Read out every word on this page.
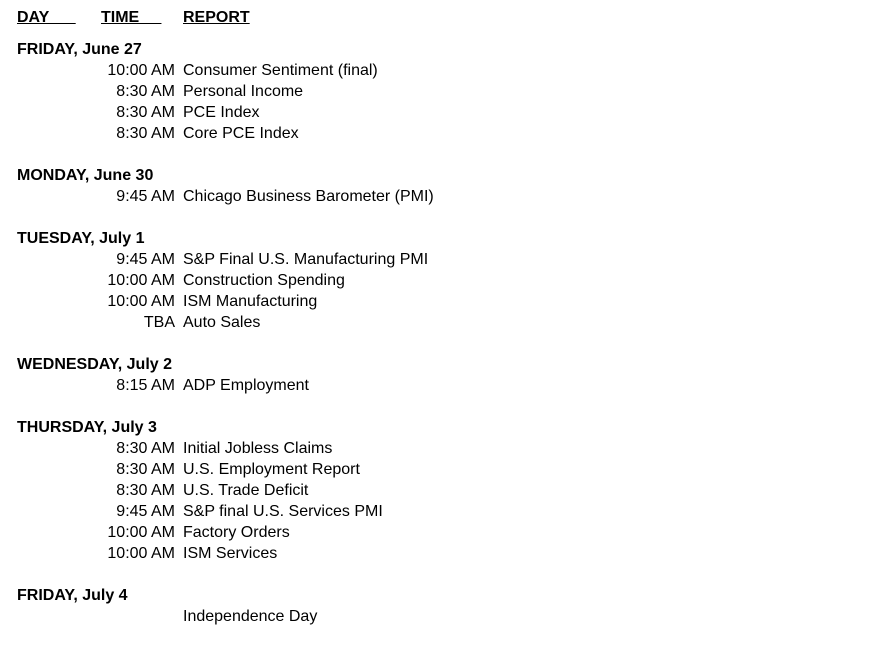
DAY TIME REPORT
FRIDAY, June 27
10:00 AM Consumer Sentiment (final)
8:30 AM Personal Income
8:30 AM PCE Index
8:30 AM Core PCE Index
MONDAY, June 30
9:45 AM Chicago Business Barometer (PMI)
TUESDAY, July 1
9:45 AM S&P Final U.S. Manufacturing PMI
10:00 AM Construction Spending
10:00 AM ISM Manufacturing
TBA Auto Sales
WEDNESDAY, July 2
8:15 AM ADP Employment
THURSDAY, July 3
8:30 AM Initial Jobless Claims
8:30 AM U.S. Employment Report
8:30 AM U.S. Trade Deficit
9:45 AM S&P final U.S. Services PMI
10:00 AM Factory Orders
10:00 AM ISM Services
FRIDAY, July 4
Independence Day
